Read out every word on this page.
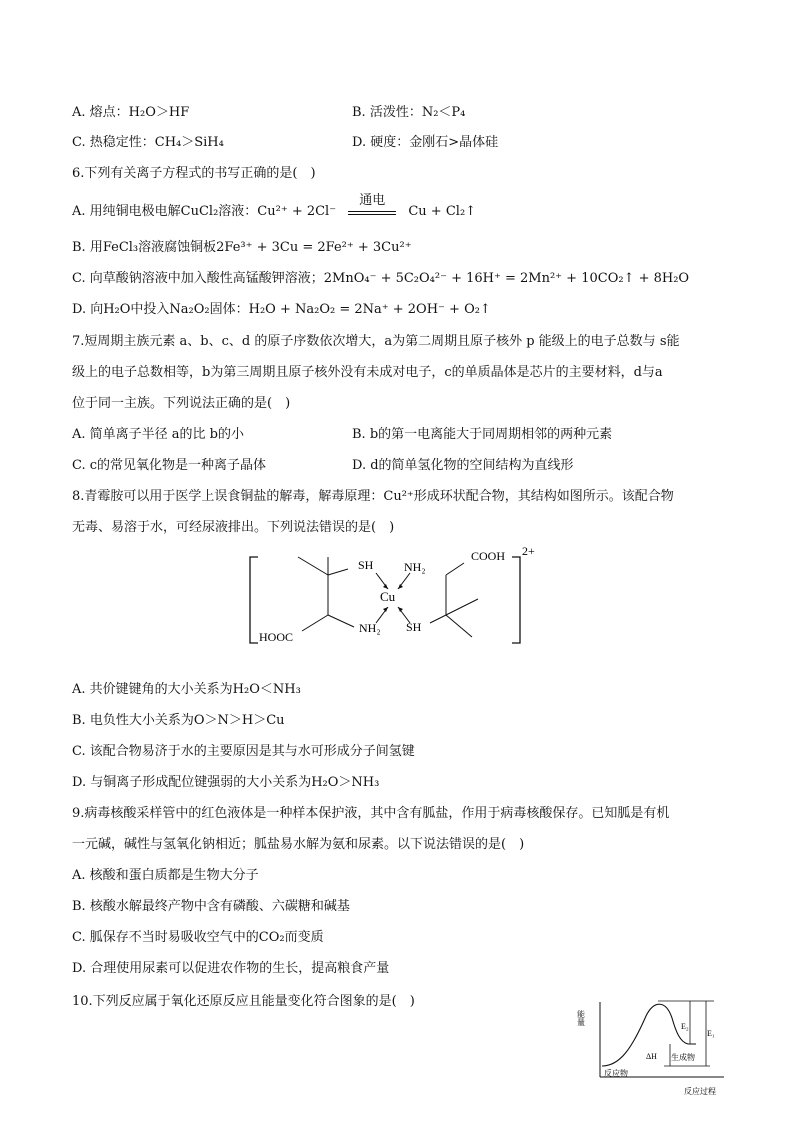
A. 熔点：H₂O＞HF	B. 活泼性：N₂＜P₄
C. 热稳定性：CH₄＞SiH₄	D. 硬度：金刚石>晶体硅
6.下列有关离子方程式的书写正确的是(　)
A. 用纯铜电极电解CuCl₂溶液：Cu²⁺ + 2Cl⁻
通电
Cu + Cl₂↑
B. 用FeCl₃溶液腐蚀铜板2Fe³⁺ + 3Cu = 2Fe²⁺ + 3Cu²⁺
C. 向草酸钠溶液中加入酸性高锰酸钾溶液；2MnO₄⁻ + 5C₂O₄²⁻ + 16H⁺ = 2Mn²⁺ + 10CO₂↑ + 8H₂O
D. 向H₂O中投入Na₂O₂固体：H₂O + Na₂O₂ = 2Na⁺ + 2OH⁻ + O₂↑
7.短周期主族元素 a、b、c、d 的原子序数依次增大，a为第二周期且原子核外 p 能级上的电子总数与 s能
级上的电子总数相等，b为第三周期且原子核外没有未成对电子，c的单质晶体是芯片的主要材料，d与a
位于同一主族。下列说法正确的是(　)
A. 简单离子半径 a的比 b的小	B. b的第一电离能大于同周期相邻的两种元素
C. c的常见氧化物是一种离子晶体	D. d的简单氢化物的空间结构为直线形
8.青霉胺可以用于医学上误食铜盐的解毒，解毒原理：Cu²⁺形成环状配合物，其结构如图所示。该配合物
无毒、易溶于水，可经尿液排出。下列说法错误的是(　)
SH	NH₂
COOH 2+
Cu
HOOC
NH₂ SH
A. 共价键键角的大小关系为H₂O＜NH₃
B. 电负性大小关系为O＞N＞H＞Cu
C. 该配合物易济于水的主要原因是其与水可形成分子间氢键
D. 与铜离子形成配位键强弱的大小关系为H₂O＞NH₃
9.病毒核酸采样管中的红色液体是一种样本保护液，其中含有胍盐，作用于病毒核酸保存。已知胍是有机
一元碱，碱性与氢氧化钠相近；胍盐易水解为氨和尿素。以下说法错误的是(　)
A. 核酸和蛋白质都是生物大分子
B. 核酸水解最终产物中含有磷酸、六碳糖和碱基
C. 胍保存不当时易吸收空气中的CO₂而变质
D. 合理使用尿素可以促进农作物的生长，提高粮食产量
10.下列反应属于氧化还原反应且能量变化符合图象的是(　)
能量
反应过程
反应物
生成物
E₂
E₁
ΔH
